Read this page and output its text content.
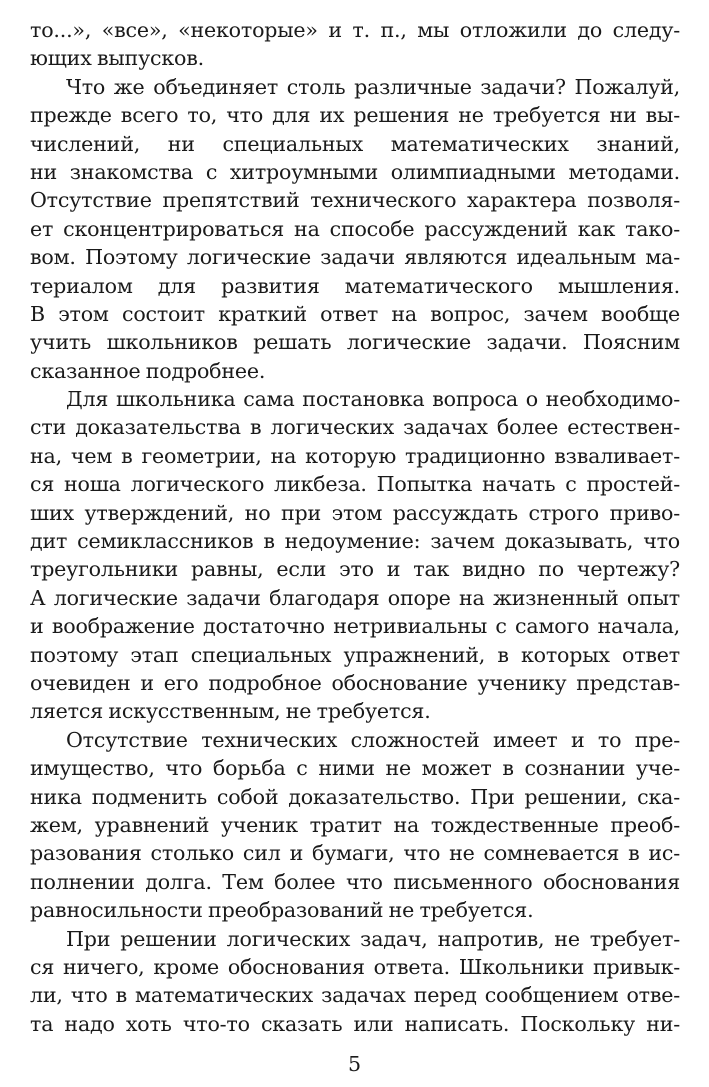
то...», «все», «некоторые» и т. п., мы отложили до следу-
ющих выпусков.
Что же объединяет столь различные задачи? Пожалуй,
прежде всего то, что для их решения не требуется ни вы-
числений, ни специальных математических знаний,
ни знакомства с хитроумными олимпиадными методами.
Отсутствие препятствий технического характера позволя-
ет сконцентрироваться на способе рассуждений как тако-
вом. Поэтому логические задачи являются идеальным ма-
териалом для развития математического мышления.
В этом состоит краткий ответ на вопрос, зачем вообще
учить школьников решать логические задачи. Поясним
сказанное подробнее.
Для школьника сама постановка вопроса о необходимо-
сти доказательства в логических задачах более естествен-
на, чем в геометрии, на которую традиционно взваливает-
ся ноша логического ликбеза. Попытка начать с простей-
ших утверждений, но при этом рассуждать строго приво-
дит семиклассников в недоумение: зачем доказывать, что
треугольники равны, если это и так видно по чертежу?
А логические задачи благодаря опоре на жизненный опыт
и воображение достаточно нетривиальны с самого начала,
поэтому этап специальных упражнений, в которых ответ
очевиден и его подробное обоснование ученику представ-
ляется искусственным, не требуется.
Отсутствие технических сложностей имеет и то пре-
имущество, что борьба с ними не может в сознании уче-
ника подменить собой доказательство. При решении, ска-
жем, уравнений ученик тратит на тождественные преоб-
разования столько сил и бумаги, что не сомневается в ис-
полнении долга. Тем более что письменного обоснования
равносильности преобразований не требуется.
При решении логических задач, напротив, не требует-
ся ничего, кроме обоснования ответа. Школьники привык-
ли, что в математических задачах перед сообщением отве-
та надо хоть что-то сказать или написать. Поскольку ни-
5
